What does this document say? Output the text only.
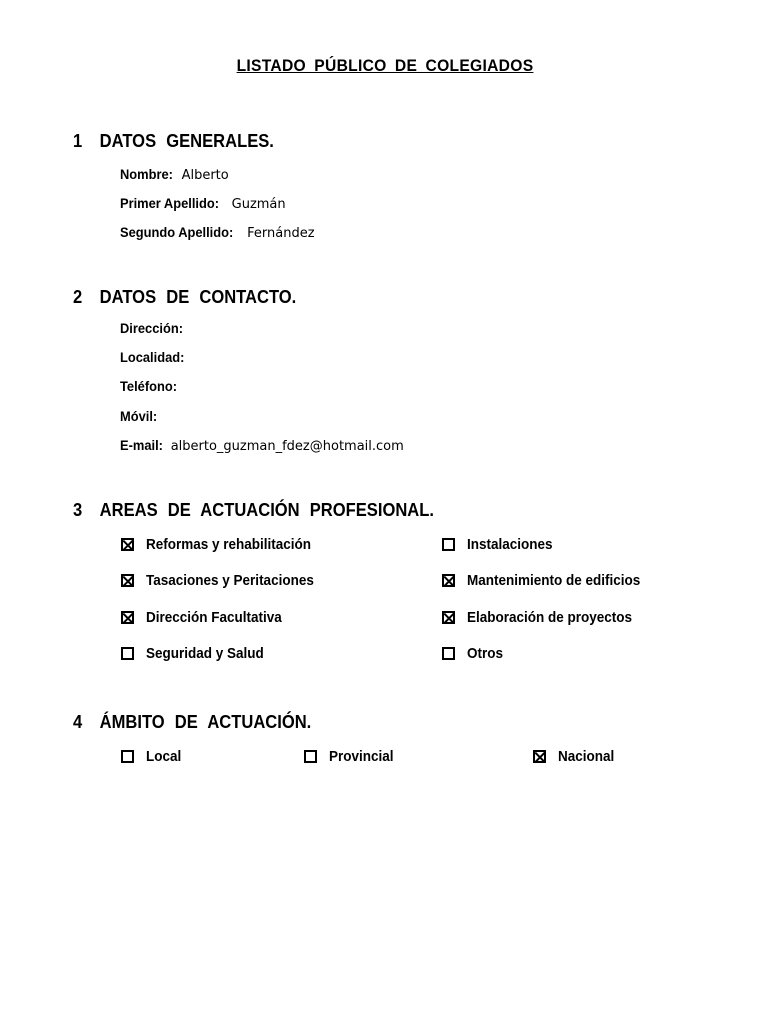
LISTADO PÚBLICO DE COLEGIADOS
1 DATOS GENERALES.
Nombre: Alberto
Primer Apellido: Guzmán
Segundo Apellido: Fernández
2 DATOS DE CONTACTO.
Dirección:
Localidad:
Teléfono:
Móvil:
E-mail: alberto_guzman_fdez@hotmail.com
3 AREAS DE ACTUACIÓN PROFESIONAL.
Reformas y rehabilitación	Instalaciones
Tasaciones y Peritaciones	Mantenimiento de edificios
Dirección Facultativa	Elaboración de proyectos
Seguridad y Salud	Otros
4 ÁMBITO DE ACTUACIÓN.
Local	Provincial	Nacional
